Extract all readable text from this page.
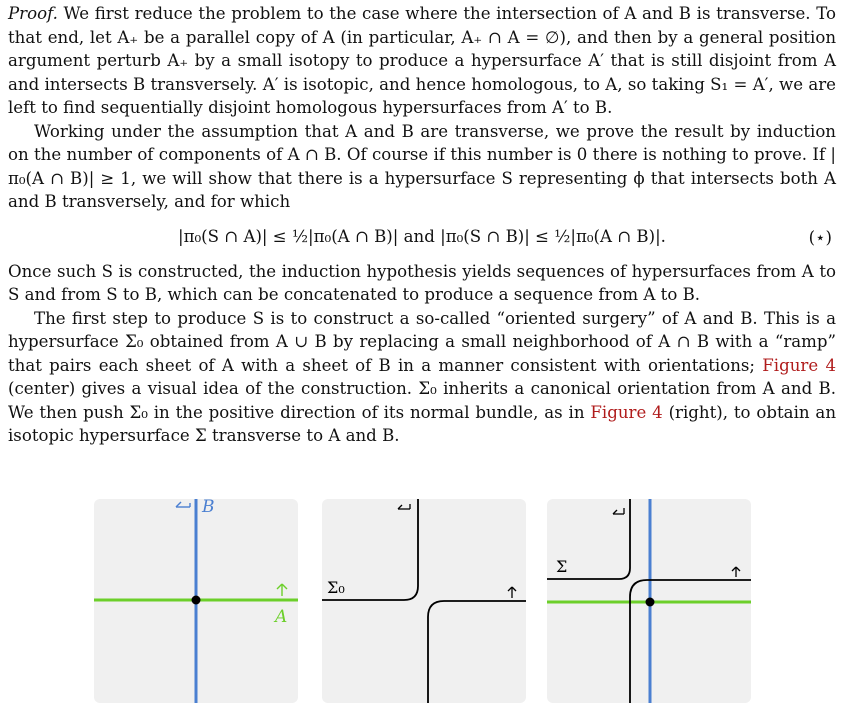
Proof. We first reduce the problem to the case where the intersection of A and B is transverse. To that end, let A₊ be a parallel copy of A (in particular, A₊ ∩ A = ∅), and then by a general position argument perturb A₊ by a small isotopy to produce a hypersurface A′ that is still disjoint from A and intersects B transversely. A′ is isotopic, and hence homologous, to A, so taking S₁ = A′, we are left to find sequentially disjoint homologous hypersurfaces from A′ to B.

Working under the assumption that A and B are transverse, we prove the result by induction on the number of components of A ∩ B. Of course if this number is 0 there is nothing to prove. If |π₀(A ∩ B)| ≥ 1, we will show that there is a hypersurface S representing ϕ that intersects both A and B transversely, and for which

|π₀(S ∩ A)| ≤ ½|π₀(A ∩ B)| and |π₀(S ∩ B)| ≤ ½|π₀(A ∩ B)|.	(⋆)

Once such S is constructed, the induction hypothesis yields sequences of hypersurfaces from A to S and from S to B, which can be concatenated to produce a sequence from A to B.

The first step to produce S is to construct a so-called “oriented surgery” of A and B. This is a hypersurface Σ₀ obtained from A ∪ B by replacing a small neighborhood of A ∩ B with a “ramp” that pairs each sheet of A with a sheet of B in a manner consistent with orientations; Figure 4 (center) gives a visual idea of the construction. Σ₀ inherits a canonical orientation from A and B. We then push Σ₀ in the positive direction of its normal bundle, as in Figure 4 (right), to obtain an isotopic hypersurface Σ transverse to A and B.

B
A
Σ₀
Σ
